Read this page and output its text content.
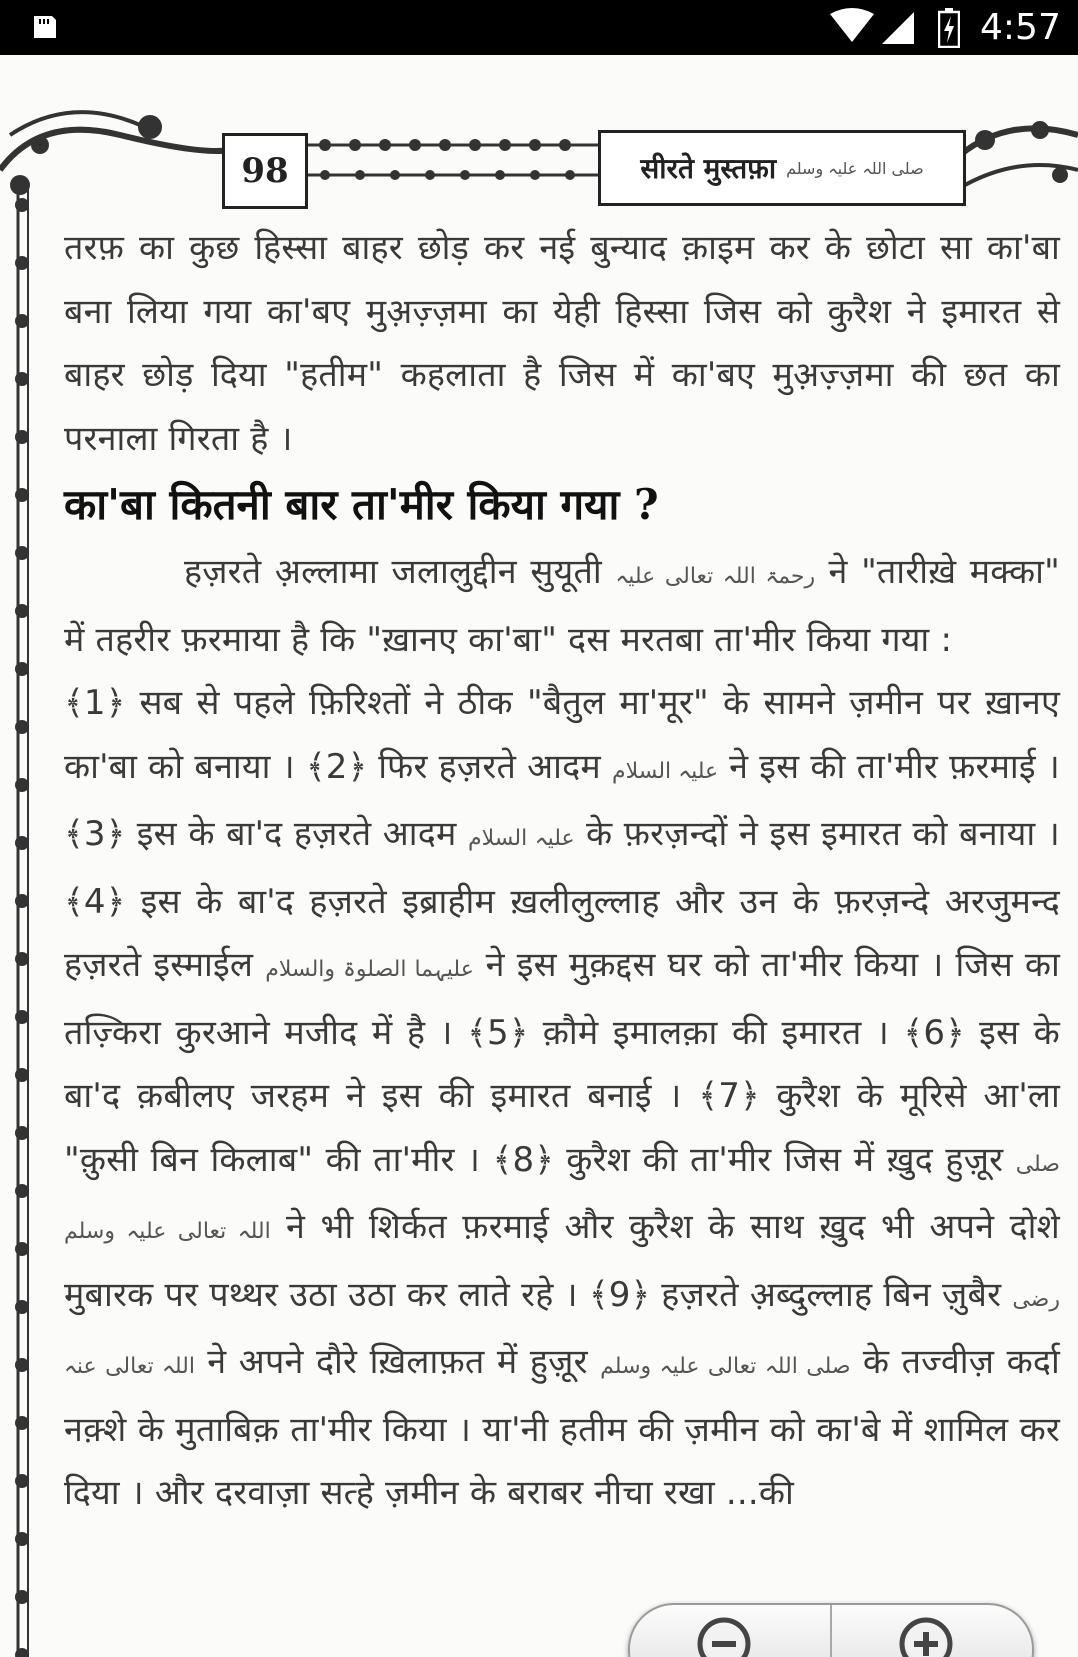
4:57
98	सीरते मुस्तफ़ा صلی اللہ علیہ وسلم

तरफ़ का कुछ हिस्सा बाहर छोड़ कर नई बुन्याद क़ाइम कर के छोटा सा का'बा बना लिया गया का'बए मुअ़ज़्ज़मा का येही हिस्सा जिस को कुरैश ने इमारत से बाहर छोड़ दिया "हतीम" कहलाता है जिस में का'बए मुअ़ज़्ज़मा की छत का परनाला गिरता है ।

का'बा कितनी बार ता'मीर किया गया ?

हज़रते अ़ल्लामा जलालुद्दीन सुयूती رحمۃ اللہ تعالی علیہ ने "तारीख़े मक्का" में तहरीर फ़रमाया है कि "ख़ानए का'बा" दस मरतबा ता'मीर किया गया :

﴾1﴿ सब से पहले फ़िरिश्तों ने ठीक "बैतुल मा'मूर" के सामने ज़मीन पर ख़ानए का'बा को बनाया । ﴾2﴿ फिर हज़रते आदम علیہ السلام ने इस की ता'मीर फ़रमाई । ﴾3﴿ इस के बा'द हज़रते आदम علیہ السلام के फ़रज़न्दों ने इस इमारत को बनाया । ﴾4﴿ इस के बा'द हज़रते इब्राहीम ख़लीलुल्लाह और उन के फ़रज़न्दे अरजुमन्द हज़रते इस्माईल علیہما الصلوۃ والسلام ने इस मुक़द्दस घर को ता'मीर किया । जिस का तज़्किरा कुरआने मजीद में है । ﴾5﴿ क़ौमे इमालक़ा की इमारत । ﴾6﴿ इस के बा'द क़बीलए जरहम ने इस की इमारत बनाई । ﴾7﴿ कुरैश के मूरिसे आ'ला "क़ुसी बिन किलाब" की ता'मीर । ﴾8﴿ कुरैश की ता'मीर जिस में ख़ुद हुज़ूर صلی اللہ تعالی علیہ وسلم ने भी शिर्कत फ़रमाई और कुरैश के साथ ख़ुद भी अपने दोशे मुबारक पर पथ्थर उठा उठा कर लाते रहे । ﴾9﴿ हज़रते अ़ब्दुल्लाह बिन ज़ुबैर رضی اللہ تعالی عنہ ने अपने दौरे ख़िलाफ़त में हुज़ूर صلی اللہ تعالی علیہ وسلم के तज्वीज़ कर्दा नक़्शे के मुताबिक़ ता'मीर किया । या'नी हतीम की ज़मीन को का'बे में शामिल कर दिया । और दरवाज़ा सत्हे ज़मीन के बराबर नीचा रखा ...की
